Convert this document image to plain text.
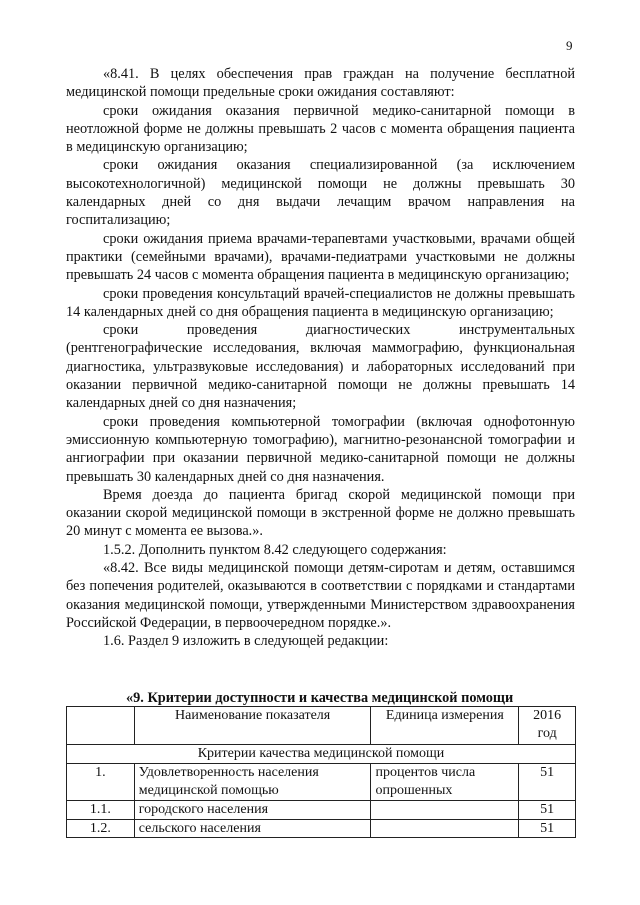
9

«8.41. В целях обеспечения прав граждан на получение бесплатной медицинской помощи предельные сроки ожидания составляют:

сроки ожидания оказания первичной медико-санитарной помощи в неотложной форме не должны превышать 2 часов с момента обращения пациента в медицинскую организацию;

сроки ожидания оказания специализированной (за исключением высокотехнологичной) медицинской помощи не должны превышать 30 календарных дней со дня выдачи лечащим врачом направления на госпитализацию;

сроки ожидания приема врачами-терапевтами участковыми, врачами общей практики (семейными врачами), врачами-педиатрами участковыми не должны превышать 24 часов с момента обращения пациента в медицинскую организацию;

сроки проведения консультаций врачей-специалистов не должны превышать 14 календарных дней со дня обращения пациента в медицинскую организацию;

сроки проведения диагностических инструментальных (рентгенографические исследования, включая маммографию, функциональная диагностика, ультразвуковые исследования) и лабораторных исследований при оказании первичной медико-санитарной помощи не должны превышать 14 календарных дней со дня назначения;

сроки проведения компьютерной томографии (включая однофотонную эмиссионную компьютерную томографию), магнитно-резонансной томографии и ангиографии при оказании первичной медико-санитарной помощи не должны превышать 30 календарных дней со дня назначения.

Время доезда до пациента бригад скорой медицинской помощи при оказании скорой медицинской помощи в экстренной форме не должно превышать 20 минут с момента ее вызова.».

1.5.2. Дополнить пунктом 8.42 следующего содержания:

«8.42. Все виды медицинской помощи детям-сиротам и детям, оставшимся без попечения родителей, оказываются в соответствии с порядками и стандартами оказания медицинской помощи, утвержденными Министерством здравоохранения Российской Федерации, в первоочередном порядке.».

1.6. Раздел 9 изложить в следующей редакции:

«9. Критерии доступности и качества медицинской помощи
	Наименование показателя	Единица измерения	2016 год
Критерии качества медицинской помощи			
1.	Удовлетворенность населения медицинской помощью	процентов числа опрошенных	51
1.1.	городского населения		51
1.2.	сельского населения		51
